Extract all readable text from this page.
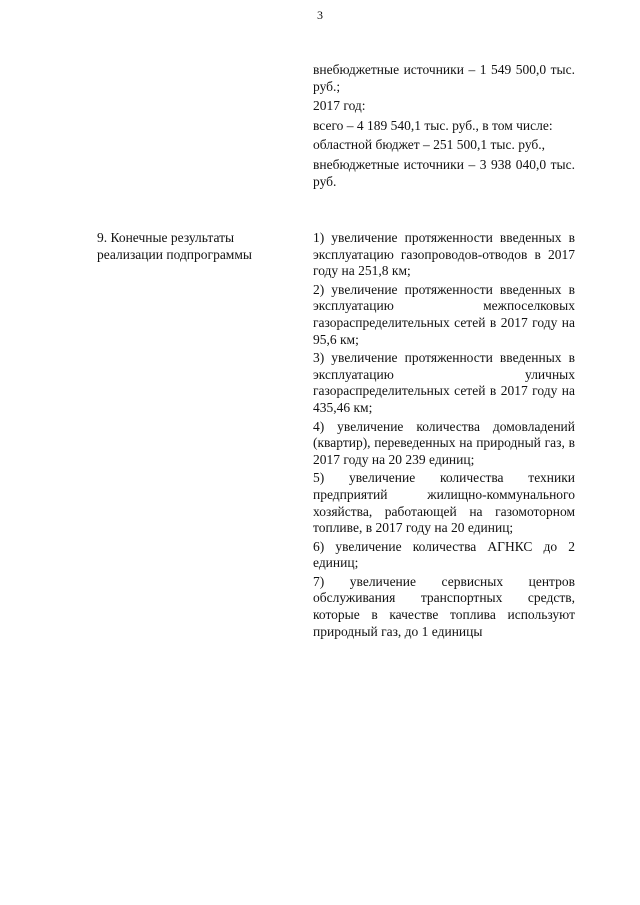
3

внебюджетные источники – 1 549 500,0 тыс. руб.;

2017 год:

всего – 4 189 540,1 тыс. руб., в том числе:

областной бюджет – 251 500,1 тыс. руб.,

внебюджетные источники – 3 938 040,0 тыс. руб.

9. Конечные результаты реализации подпрограммы

1) увеличение протяженности введенных в эксплуатацию газопроводов-отводов в 2017 году на 251,8 км;

2) увеличение протяженности введенных в эксплуатацию межпоселковых газораспределительных сетей в 2017 году на 95,6 км;

3) увеличение протяженности введенных в эксплуатацию уличных газораспределительных сетей в 2017 году на 435,46 км;

4) увеличение количества домовладений (квартир), переведенных на природный газ, в 2017 году на 20 239 единиц;

5) увеличение количества техники предприятий жилищно-коммунального хозяйства, работающей на газомоторном топливе, в 2017 году на 20 единиц;

6) увеличение количества АГНКС до 2 единиц;

7) увеличение сервисных центров обслуживания транспортных средств, которые в качестве топлива используют природный газ, до 1 единицы
